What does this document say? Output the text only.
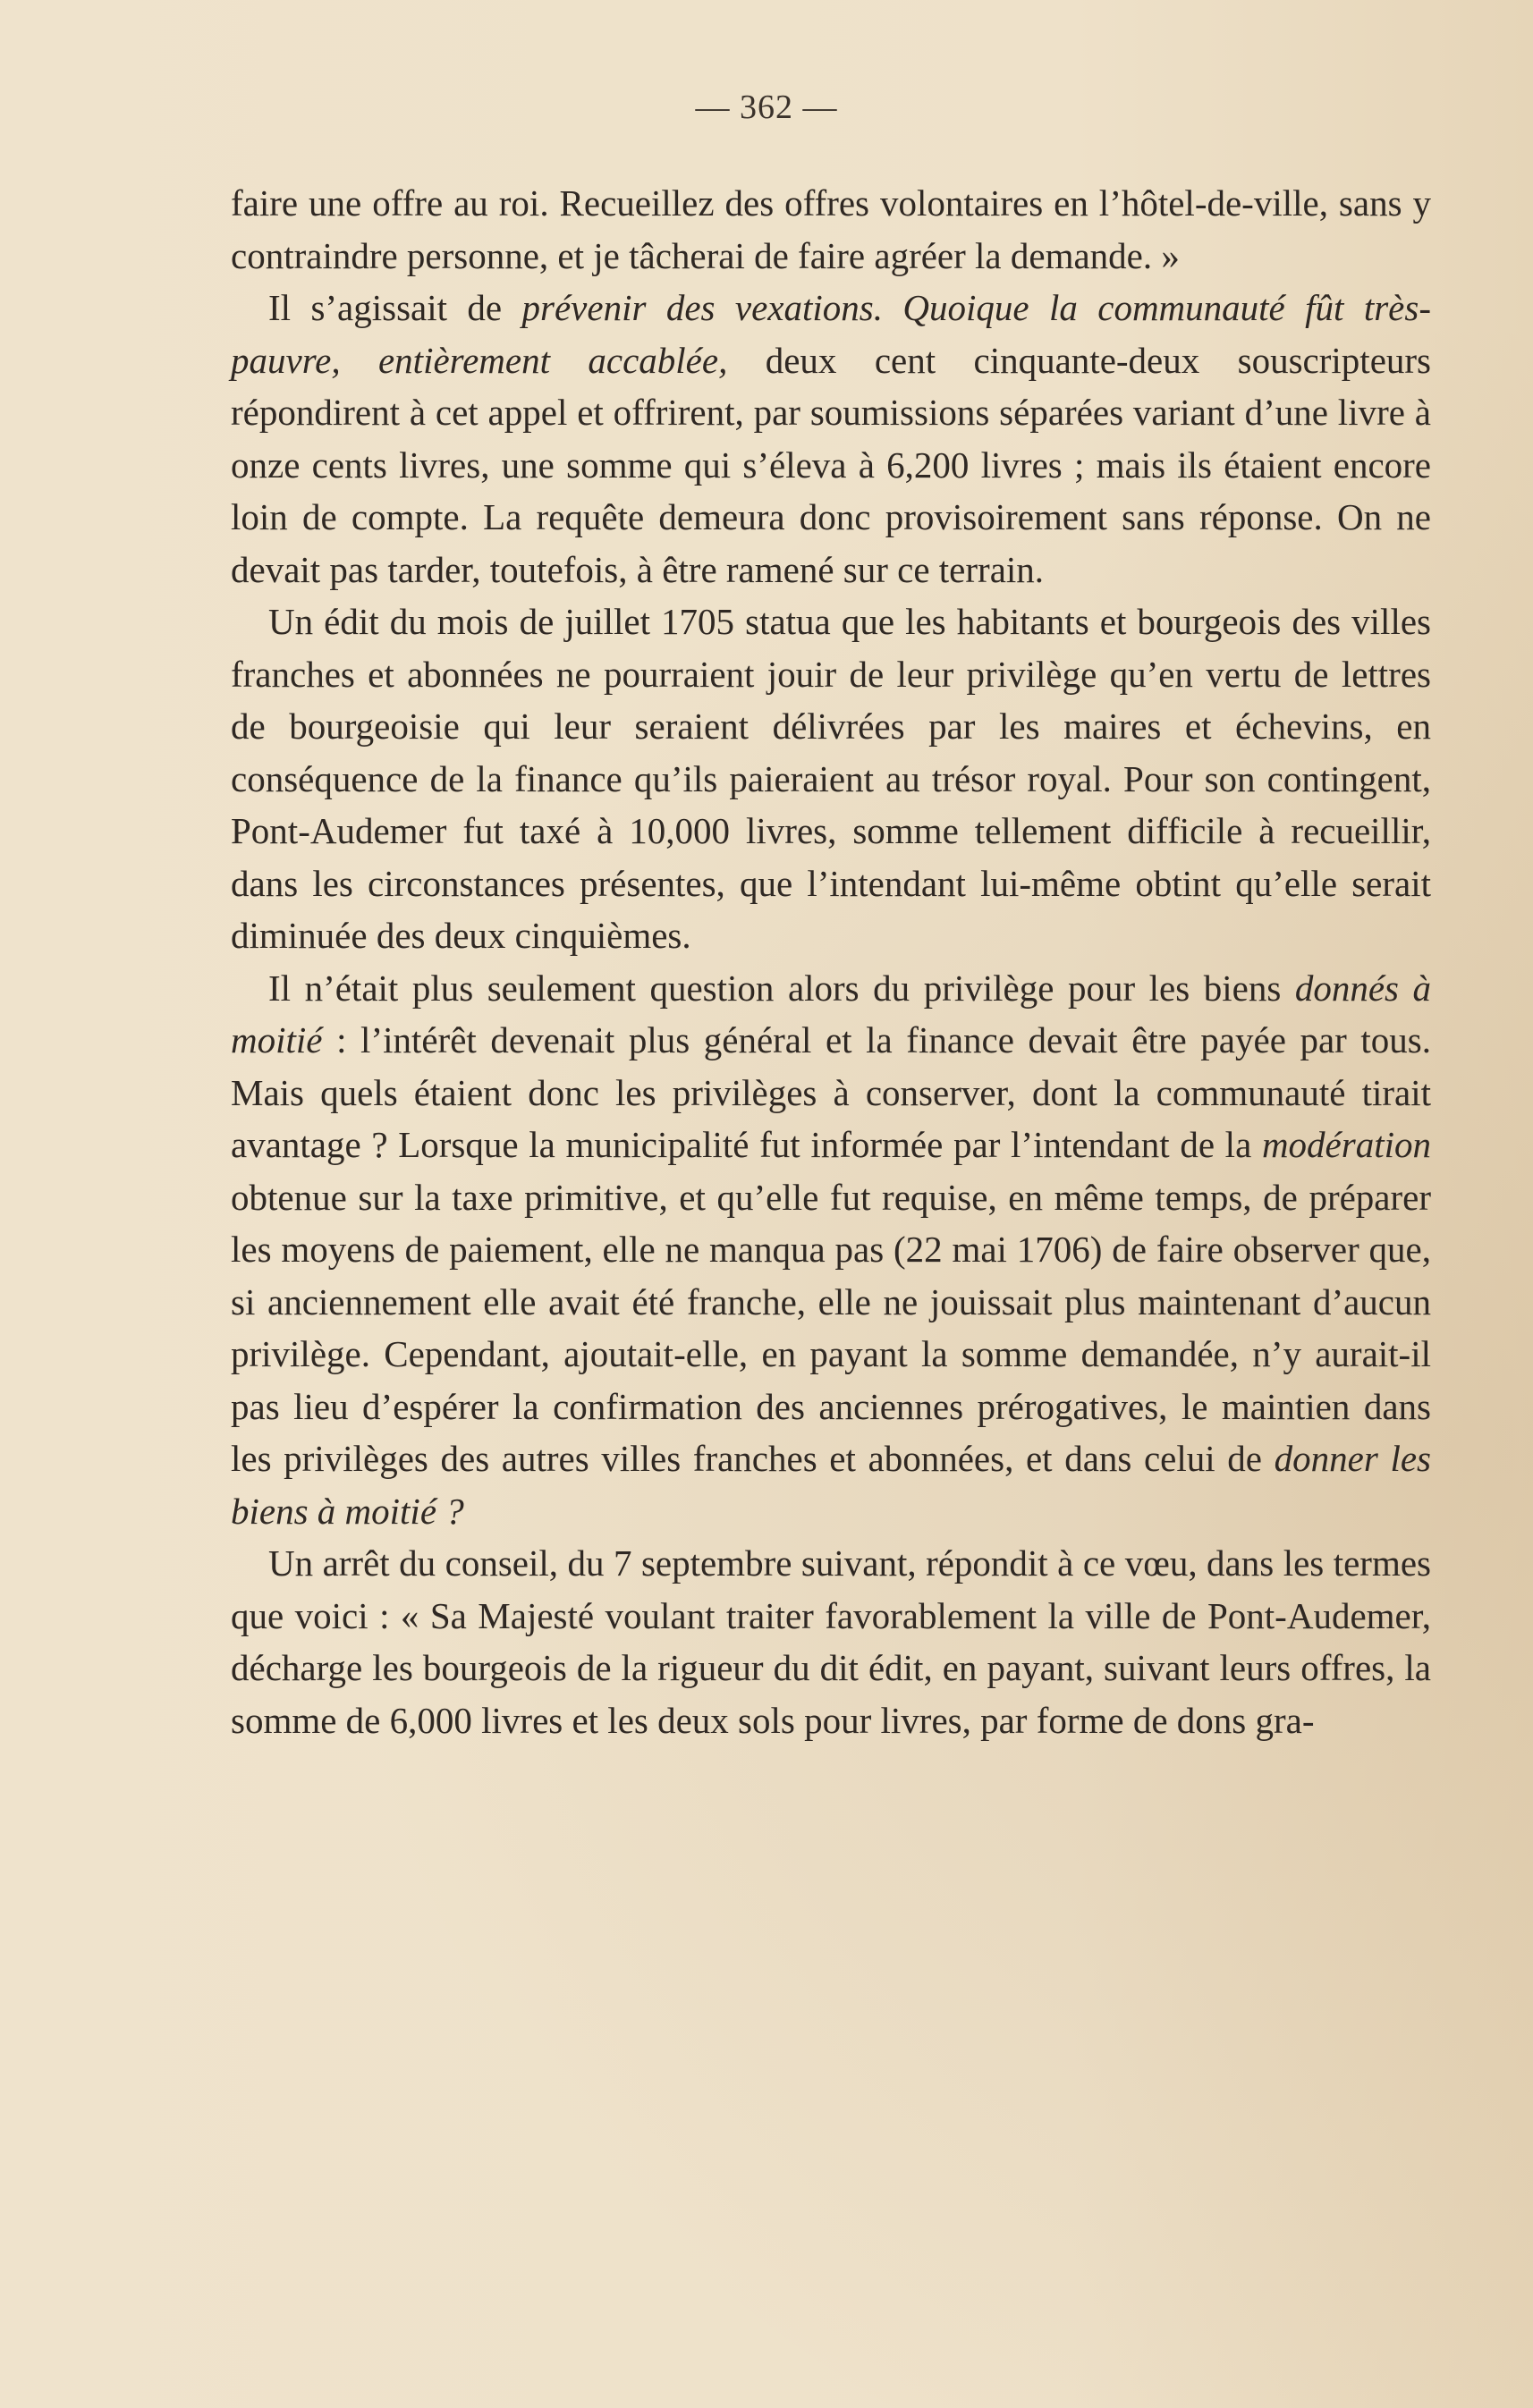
— 362 —

faire une offre au roi. Recueillez des offres volontaires en l’hôtel-de-ville, sans y contraindre personne, et je tâcherai de faire agréer la demande. »

Il s’agissait de prévenir des vexations. Quoique la communauté fût très-pauvre, entièrement accablée, deux cent cinquante-deux souscripteurs répondirent à cet appel et offrirent, par soumissions séparées variant d’une livre à onze cents livres, une somme qui s’éleva à 6,200 livres ; mais ils étaient encore loin de compte. La requête demeura donc provisoirement sans réponse. On ne devait pas tarder, toutefois, à être ramené sur ce terrain.

Un édit du mois de juillet 1705 statua que les habitants et bourgeois des villes franches et abonnées ne pourraient jouir de leur privilège qu’en vertu de lettres de bourgeoisie qui leur seraient délivrées par les maires et échevins, en conséquence de la finance qu’ils paieraient au trésor royal. Pour son contingent, Pont-Audemer fut taxé à 10,000 livres, somme tellement difficile à recueillir, dans les circonstances présentes, que l’intendant lui-même obtint qu’elle serait diminuée des deux cinquièmes.

Il n’était plus seulement question alors du privilège pour les biens donnés à moitié : l’intérêt devenait plus général et la finance devait être payée par tous. Mais quels étaient donc les privilèges à conserver, dont la communauté tirait avantage ? Lorsque la municipalité fut informée par l’intendant de la modération obtenue sur la taxe primitive, et qu’elle fut requise, en même temps, de préparer les moyens de paiement, elle ne manqua pas (22 mai 1706) de faire observer que, si anciennement elle avait été franche, elle ne jouissait plus maintenant d’aucun privilège. Cependant, ajoutait-elle, en payant la somme demandée, n’y aurait-il pas lieu d’espérer la confirmation des anciennes prérogatives, le maintien dans les privilèges des autres villes franches et abonnées, et dans celui de donner les biens à moitié ?

Un arrêt du conseil, du 7 septembre suivant, répondit à ce vœu, dans les termes que voici : « Sa Majesté voulant traiter favorablement la ville de Pont-Audemer, décharge les bourgeois de la rigueur du dit édit, en payant, suivant leurs offres, la somme de 6,000 livres et les deux sols pour livres, par forme de dons gra-
